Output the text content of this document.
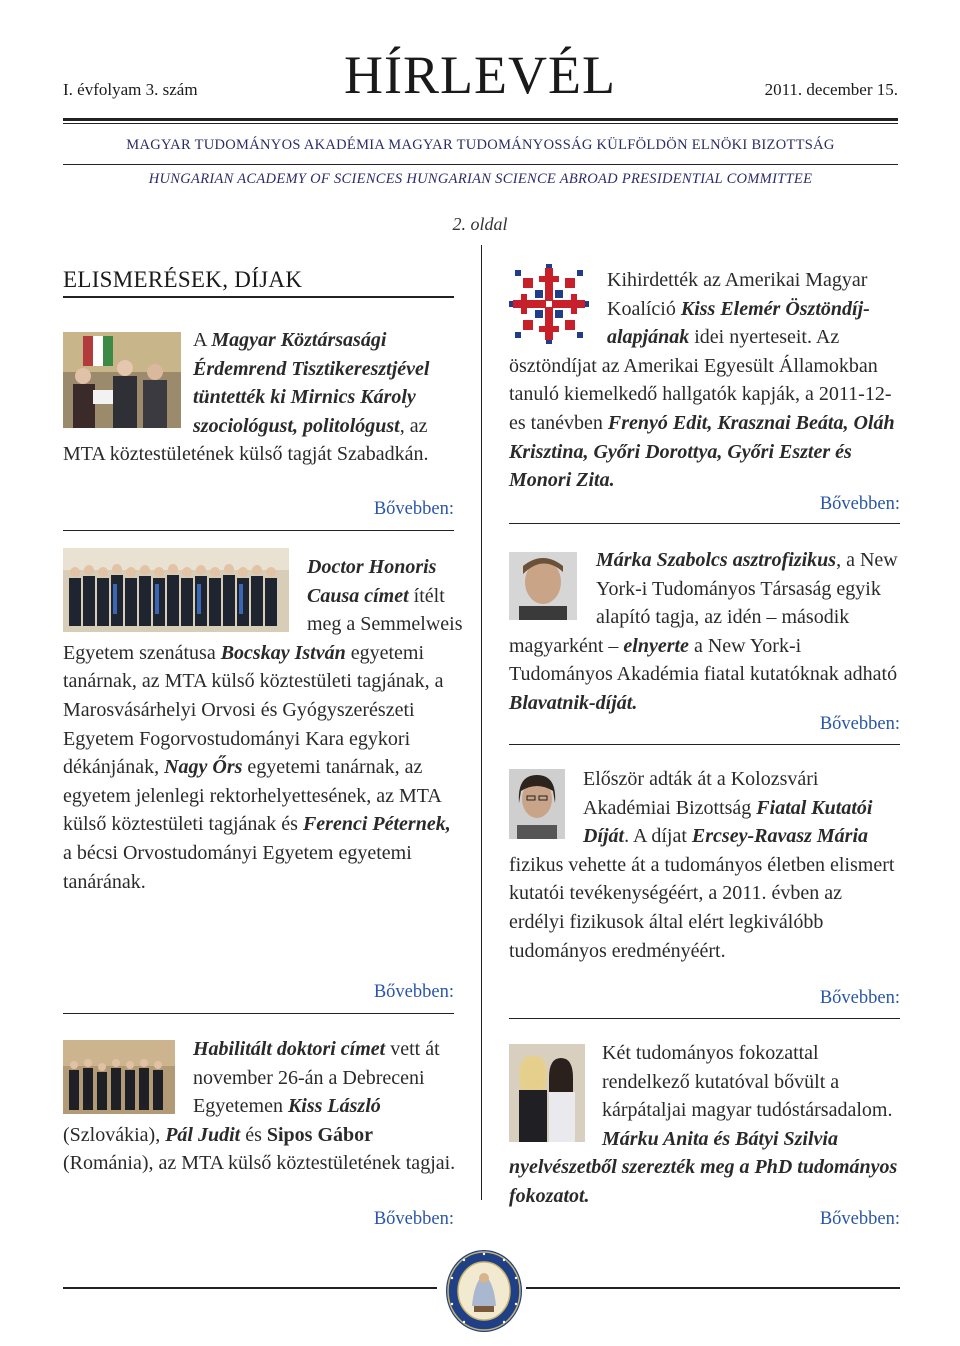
I. évfolyam 3. szám	HÍRLEVÉL	2011. december 15.
MAGYAR TUDOMÁNYOS AKADÉMIA MAGYAR TUDOMÁNYOSSÁG KÜLFÖLDÖN ELNÖKI BIZOTTSÁG
HUNGARIAN ACADEMY OF SCIENCES HUNGARIAN SCIENCE ABROAD PRESIDENTIAL COMMITTEE
2. oldal
ELISMERÉSEK, DÍJAK
A Magyar Köztársasági Érdemrend Tisztikeresztjével tüntették ki Mirnics Károly szociológust, politológust, az MTA köztestületének külső tagját Szabadkán.
Bővebben:
Doctor Honoris Causa címet ítélt meg a Semmelweis Egyetem szenátusa Bocskay István egyetemi tanárnak, az MTA külső köztestületi tagjának, a Marosvásárhelyi Orvosi és Gyógyszerészeti Egyetem Fogorvostudományi Kara egykori dékánjának, Nagy Őrs egyetemi tanárnak, az egyetem jelenlegi rektorhelyettesének, az MTA külső köztestületi tagjának és Ferenci Péternek, a bécsi Orvostudományi Egyetem egyetemi tanárának.
Bővebben:
Habilitált doktori címet vett át november 26-án a Debreceni Egyetemen Kiss László (Szlovákia), Pál Judit és Sipos Gábor (Románia), az MTA külső köztestületének tagjai.
Bővebben:
Kihirdették az Amerikai Magyar Koalíció Kiss Elemér Ösztöndíjalapjának idei nyerteseit. Az ösztöndíjat az Amerikai Egyesült Államokban tanuló kiemelkedő hallgatók kapják, a 2011-12-es tanévben Frenyó Edit, Krasznai Beáta, Oláh Krisztina, Győri Dorottya, Győri Eszter és Monori Zita.
Bővebben:
Márka Szabolcs asztrofizikus, a New York-i Tudományos Társaság egyik alapító tagja, az idén – második magyarként – elnyerte a New York-i Tudományos Akadémia fiatal kutatóknak adható Blavatnik-díját.
Bővebben:
Először adták át a Kolozsvári Akadémiai Bizottság Fiatal Kutatói Díját. A díjat Ercsey-Ravasz Mária fizikus vehette át a tudományos életben elismert kutatói tevékenységéért, a 2011. évben az erdélyi fizikusok által elért legkiválóbb tudományos eredményéért.
Bővebben:
Két tudományos fokozattal rendelkező kutatóval bővült a kárpátaljai magyar tudóstársadalom. Márku Anita és Bátyi Szilvia nyelvészetből szerezték meg a PhD tudományos fokozatot.
Bővebben:
